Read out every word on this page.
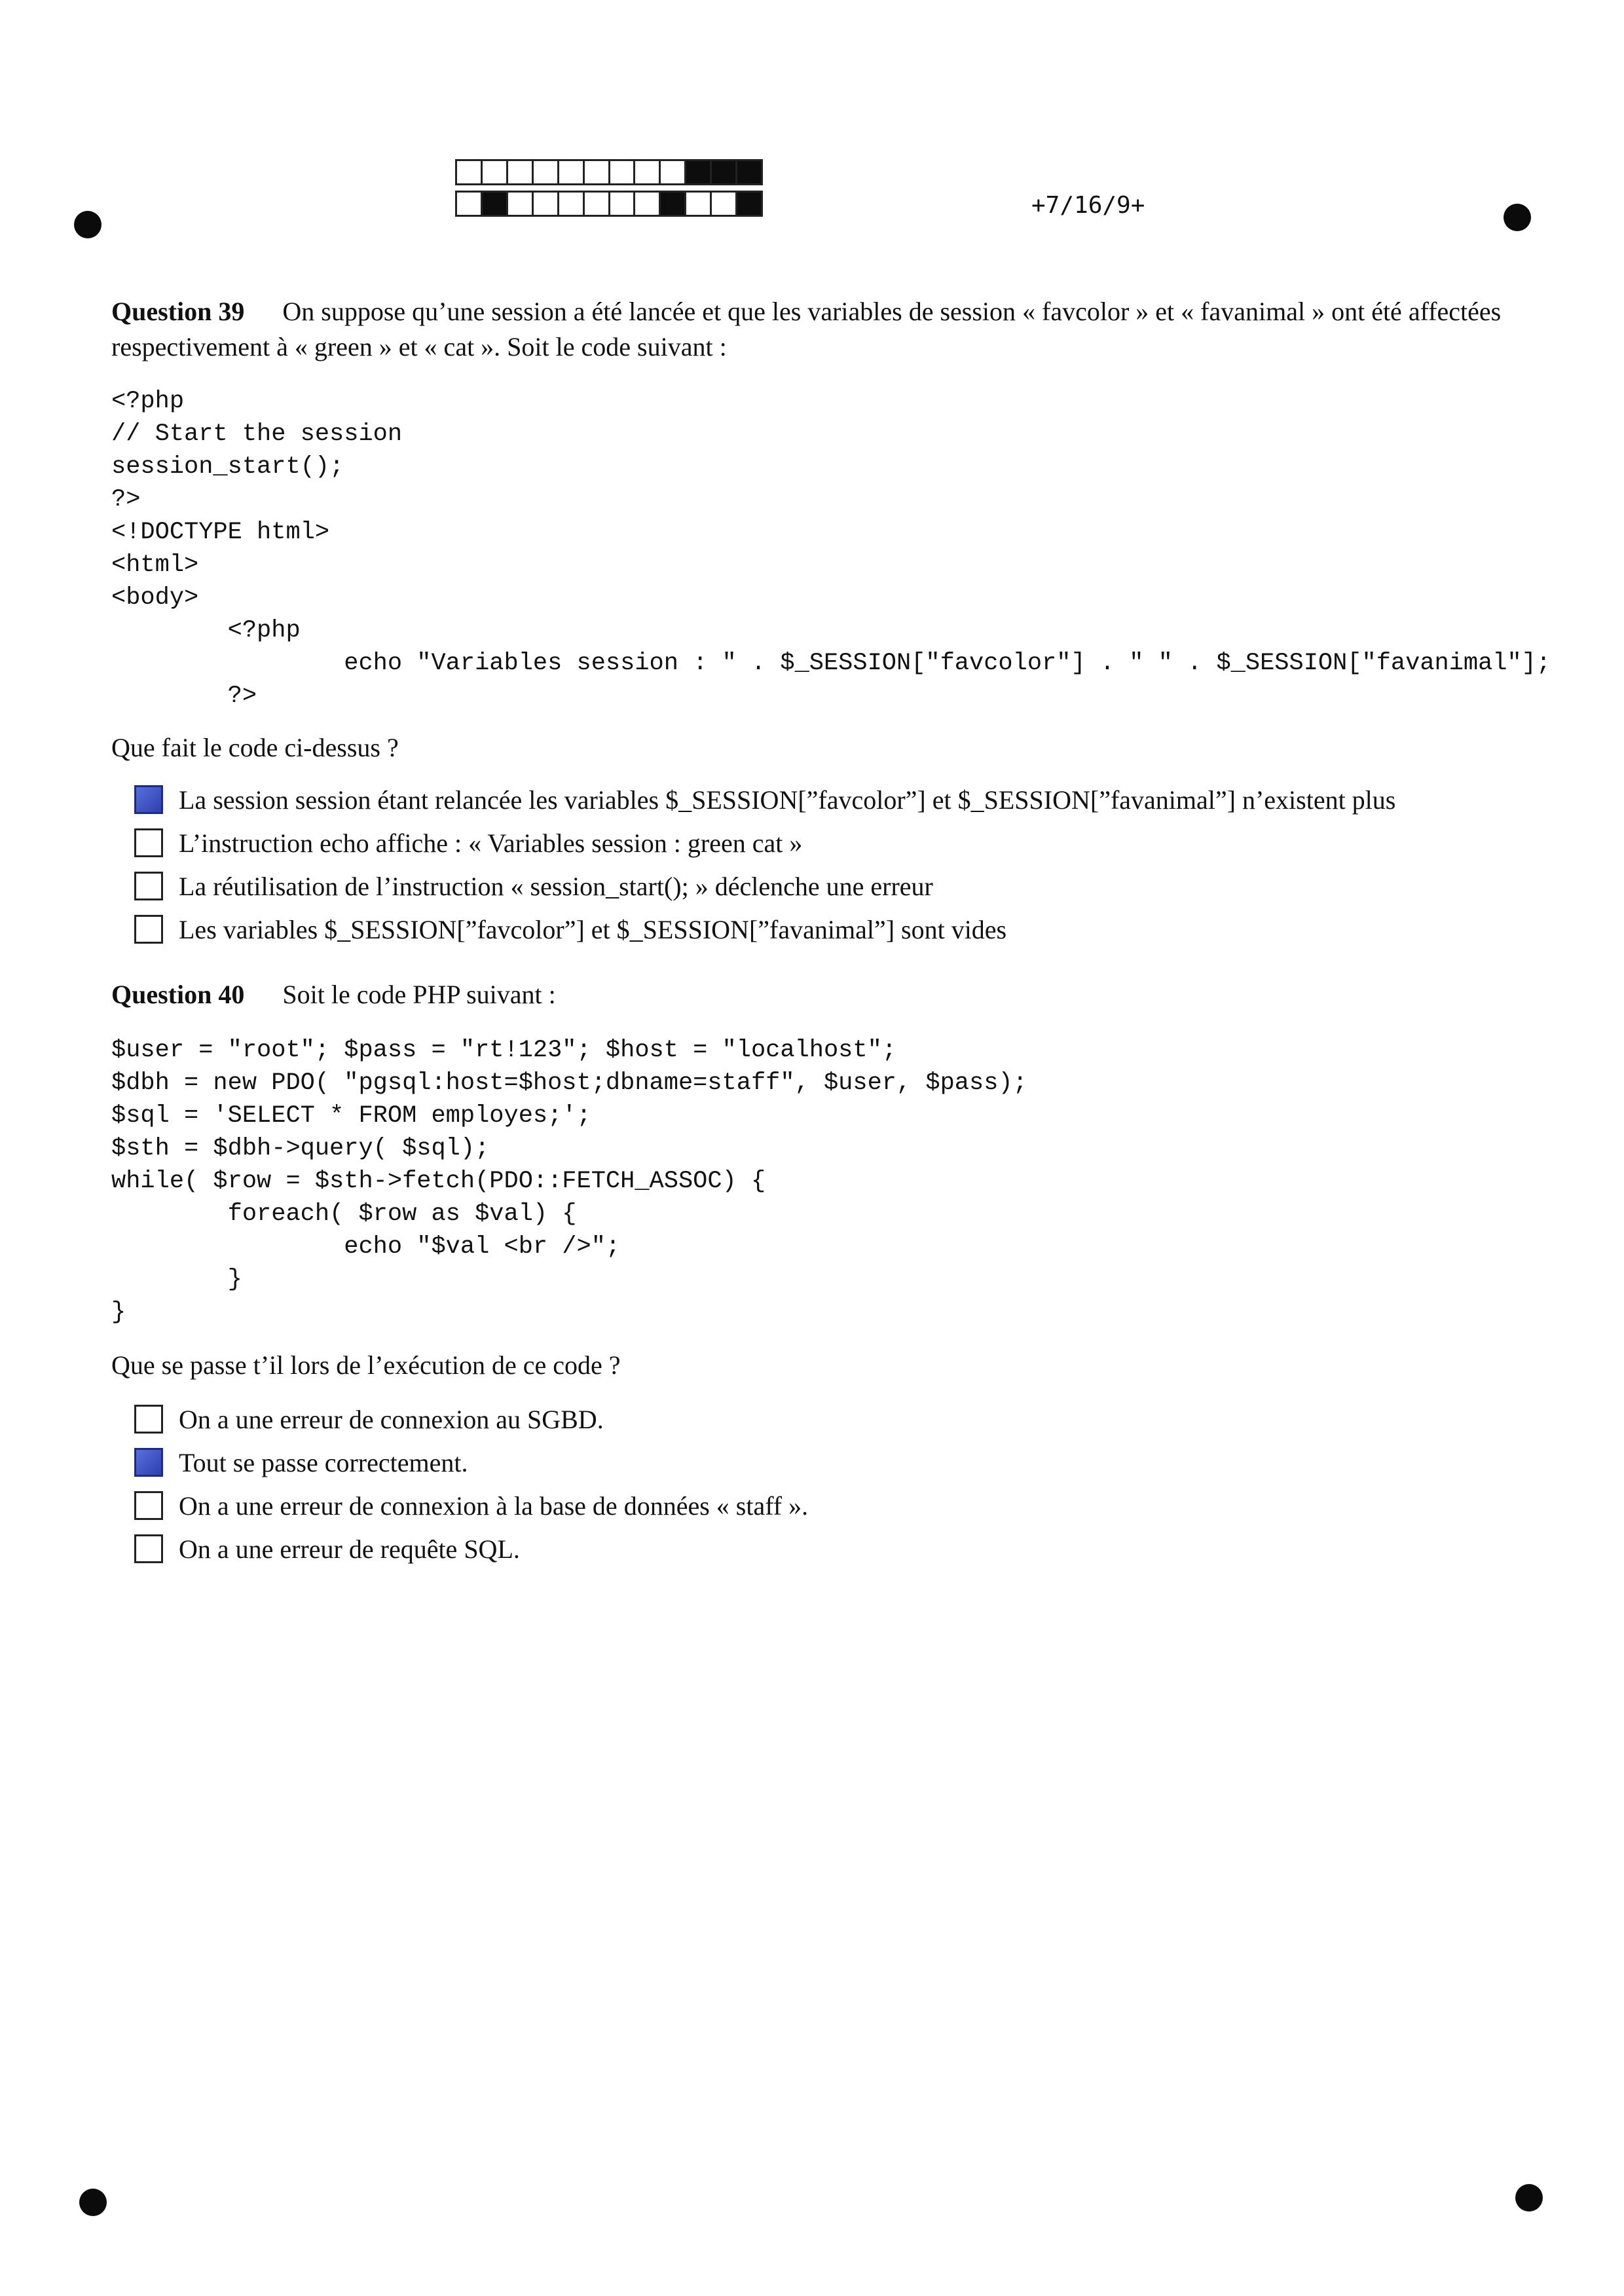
+7/16/9+
Question 39 On suppose qu’une session a été lancée et que les variables de session « favcolor » et « favanimal » ont été affectées respectivement à « green » et « cat ». Soit le code suivant :
<?php
// Start the session
session_start();
?>
<!DOCTYPE html>
<html>
<body>
<?php
echo "Variables session : " . $_SESSION["favcolor"] . " " . $_SESSION["favanimal"];
?>
Que fait le code ci-dessus ?
La session session étant relancée les variables $_SESSION[”favcolor”] et $_SESSION[”favanimal”] n’existent plus
L’instruction echo affiche : « Variables session : green cat »
La réutilisation de l’instruction « session_start(); » déclenche une erreur
Les variables $_SESSION[”favcolor”] et $_SESSION[”favanimal”] sont vides
Question 40 Soit le code PHP suivant :
$user = "root"; $pass = "rt!123"; $host = "localhost";
$dbh = new PDO( "pgsql:host=$host;dbname=staff", $user, $pass);
$sql = 'SELECT * FROM employes;';
$sth = $dbh->query( $sql);
while( $row = $sth->fetch(PDO::FETCH_ASSOC) {
foreach( $row as $val) {
echo "$val <br />";
}
}
Que se passe t’il lors de l’exécution de ce code ?
On a une erreur de connexion au SGBD.
Tout se passe correctement.
On a une erreur de connexion à la base de données « staff ».
On a une erreur de requête SQL.
